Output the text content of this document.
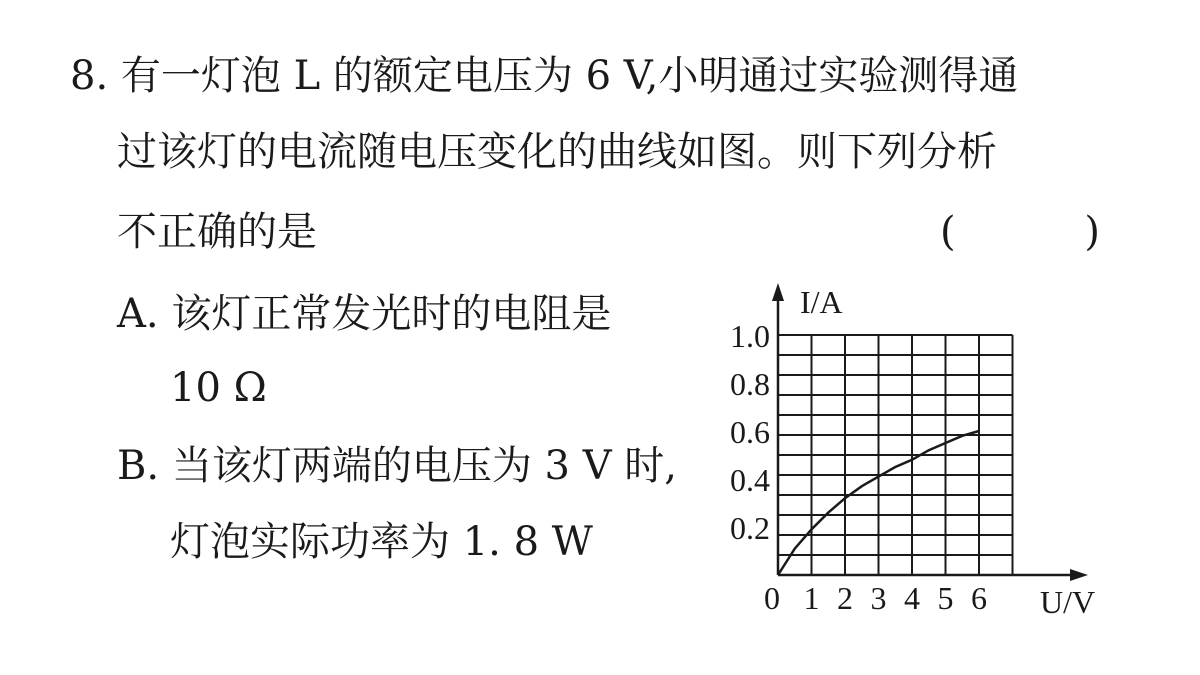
8. 有一灯泡 L 的额定电压为 6 V,小明通过实验测得通
过该灯的电流随电压变化的曲线如图。则下列分析
不正确的是	(	)
A. 该灯正常发光时的电阻是
10 Ω
B. 当该灯两端的电压为 3 V 时,
灯泡实际功率为 1. 8 W	0.2
0.4
0.6
0.8
1.0
0 1 2 3 4 5 6
I/A
U/V
